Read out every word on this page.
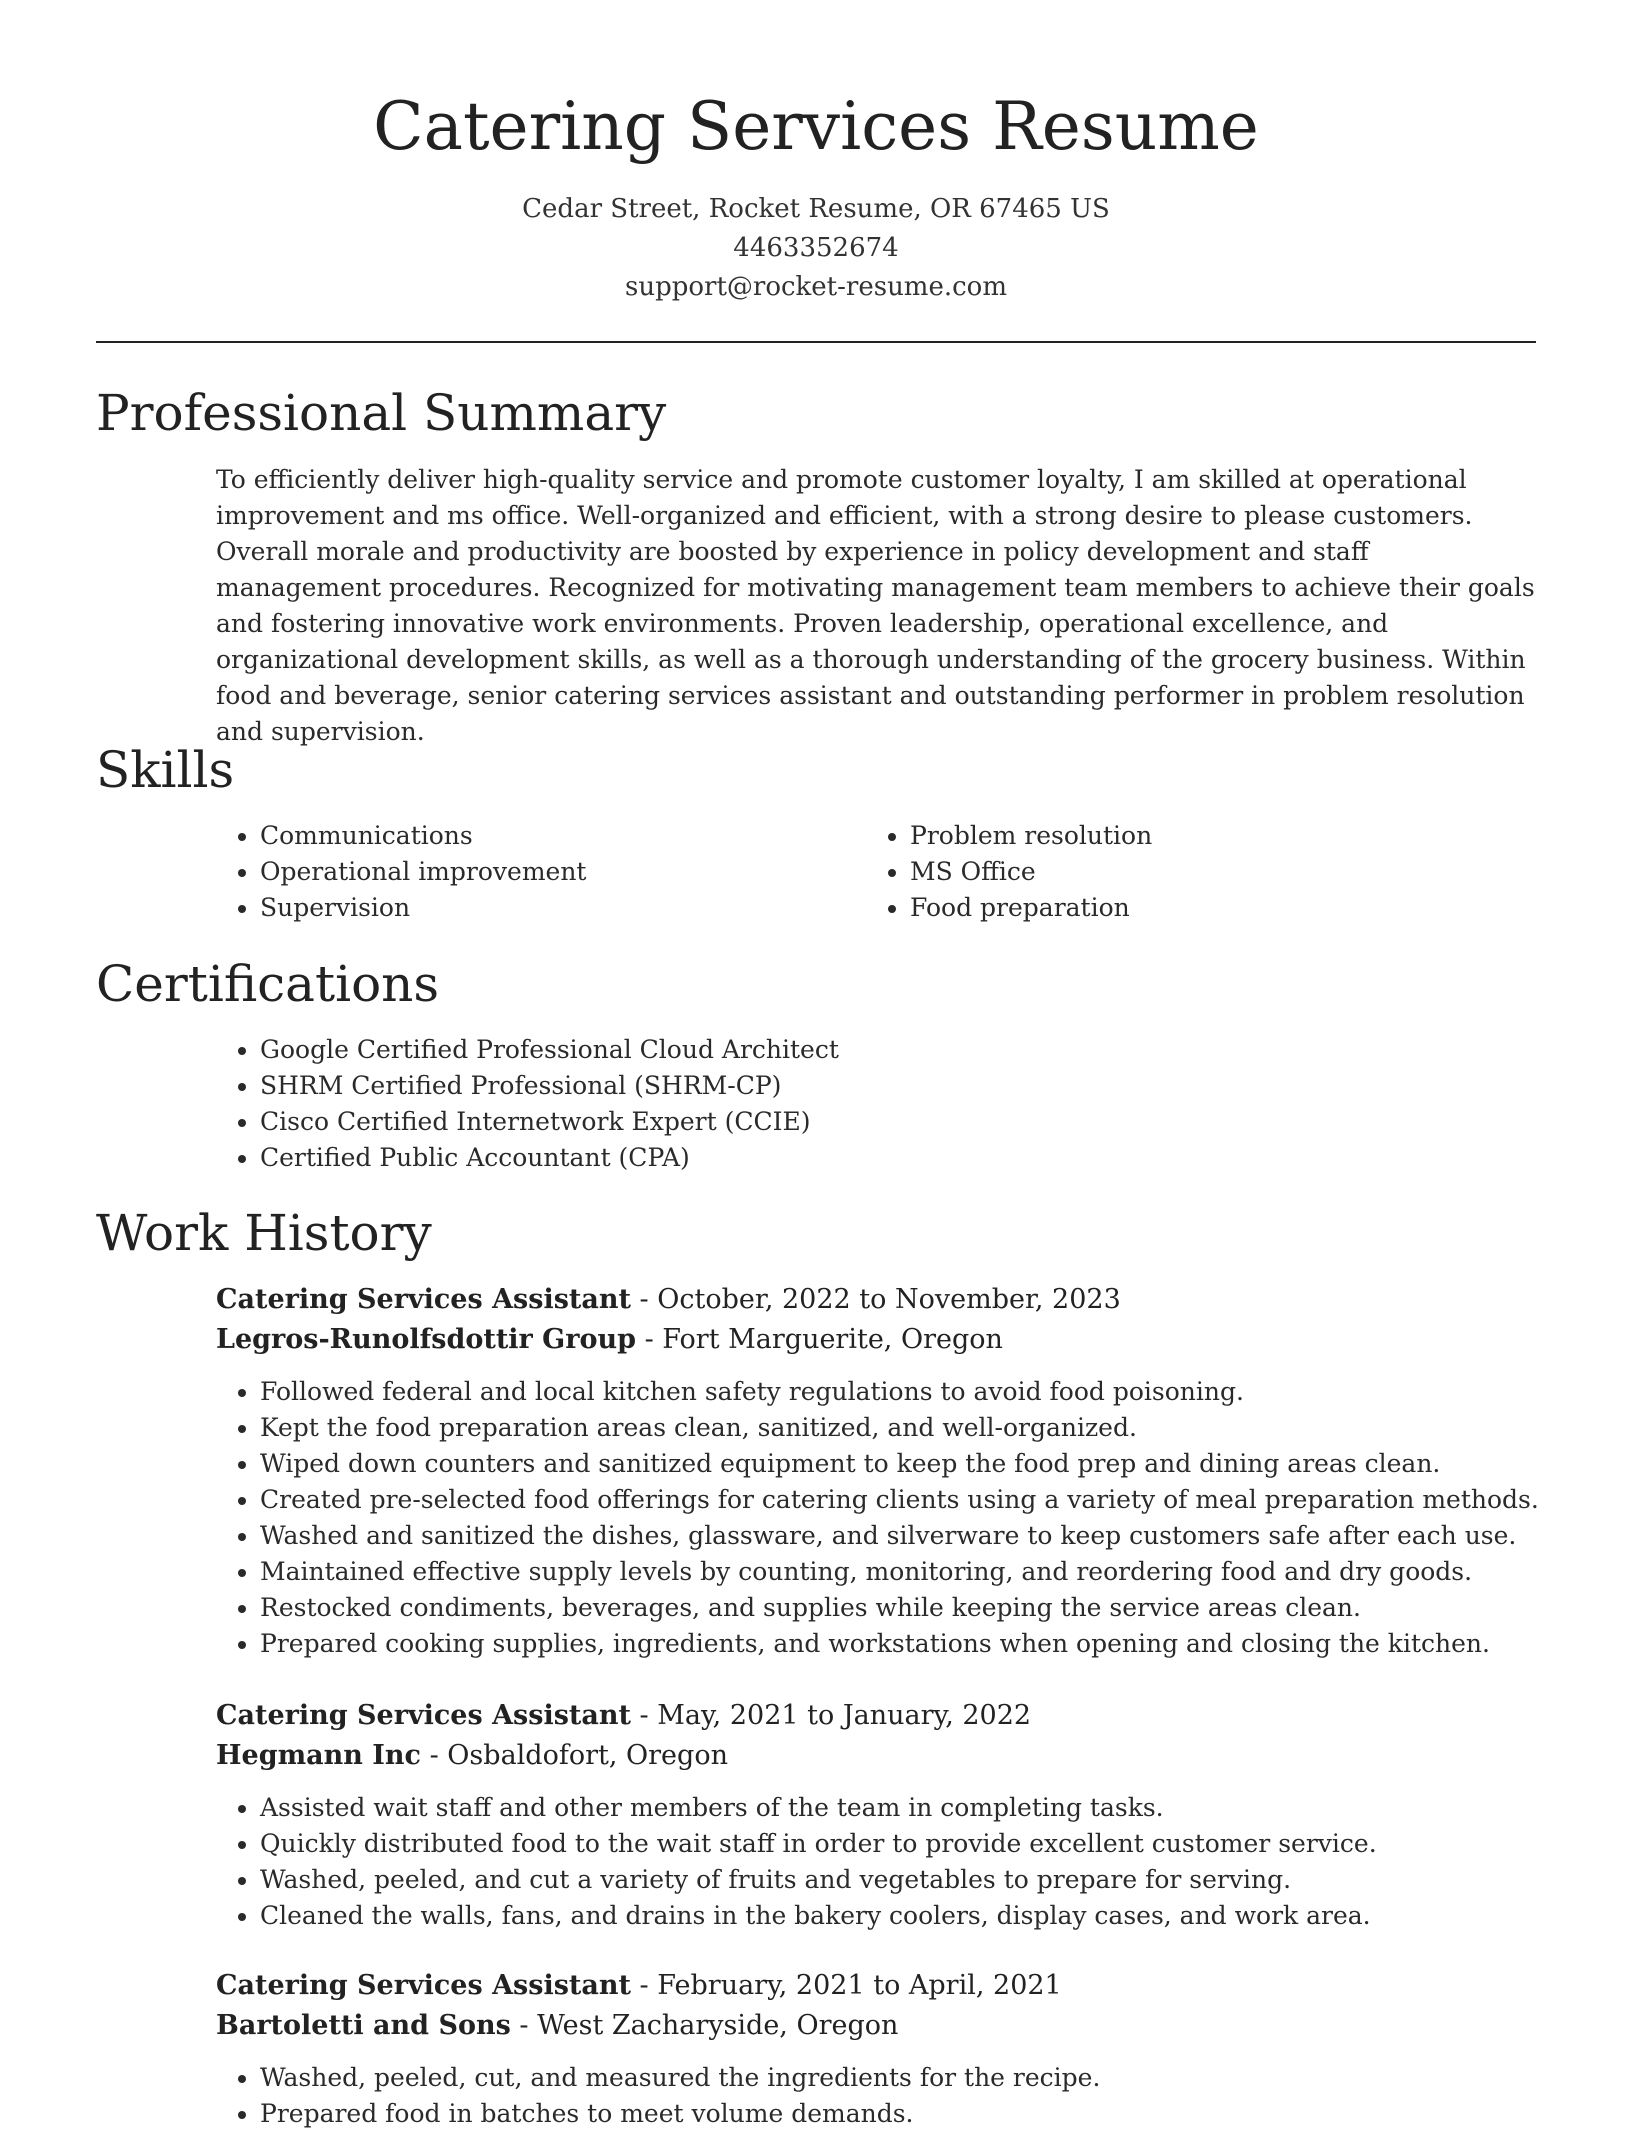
Catering Services Resume
Cedar Street, Rocket Resume, OR 67465 US
4463352674
support@rocket-resume.com
Professional Summary
To efficiently deliver high-quality service and promote customer loyalty, I am skilled at operational improvement and ms office. Well-organized and efficient, with a strong desire to please customers. Overall morale and productivity are boosted by experience in policy development and staff management procedures. Recognized for motivating management team members to achieve their goals and fostering innovative work environments. Proven leadership, operational excellence, and organizational development skills, as well as a thorough understanding of the grocery business. Within food and beverage, senior catering services assistant and outstanding performer in problem resolution and supervision.
Skills
• Communications
• Operational improvement
• Supervision
• Problem resolution
• MS Office
• Food preparation
Certifications
• Google Certified Professional Cloud Architect
• SHRM Certified Professional (SHRM-CP)
• Cisco Certified Internetwork Expert (CCIE)
• Certified Public Accountant (CPA)
Work History
Catering Services Assistant - October, 2022 to November, 2023
Legros-Runolfsdottir Group - Fort Marguerite, Oregon
• Followed federal and local kitchen safety regulations to avoid food poisoning.
• Kept the food preparation areas clean, sanitized, and well-organized.
• Wiped down counters and sanitized equipment to keep the food prep and dining areas clean.
• Created pre-selected food offerings for catering clients using a variety of meal preparation methods.
• Washed and sanitized the dishes, glassware, and silverware to keep customers safe after each use.
• Maintained effective supply levels by counting, monitoring, and reordering food and dry goods.
• Restocked condiments, beverages, and supplies while keeping the service areas clean.
• Prepared cooking supplies, ingredients, and workstations when opening and closing the kitchen.
Catering Services Assistant - May, 2021 to January, 2022
Hegmann Inc - Osbaldofort, Oregon
• Assisted wait staff and other members of the team in completing tasks.
• Quickly distributed food to the wait staff in order to provide excellent customer service.
• Washed, peeled, and cut a variety of fruits and vegetables to prepare for serving.
• Cleaned the walls, fans, and drains in the bakery coolers, display cases, and work area.
Catering Services Assistant - February, 2021 to April, 2021
Bartoletti and Sons - West Zacharyside, Oregon
• Washed, peeled, cut, and measured the ingredients for the recipe.
• Prepared food in batches to meet volume demands.
